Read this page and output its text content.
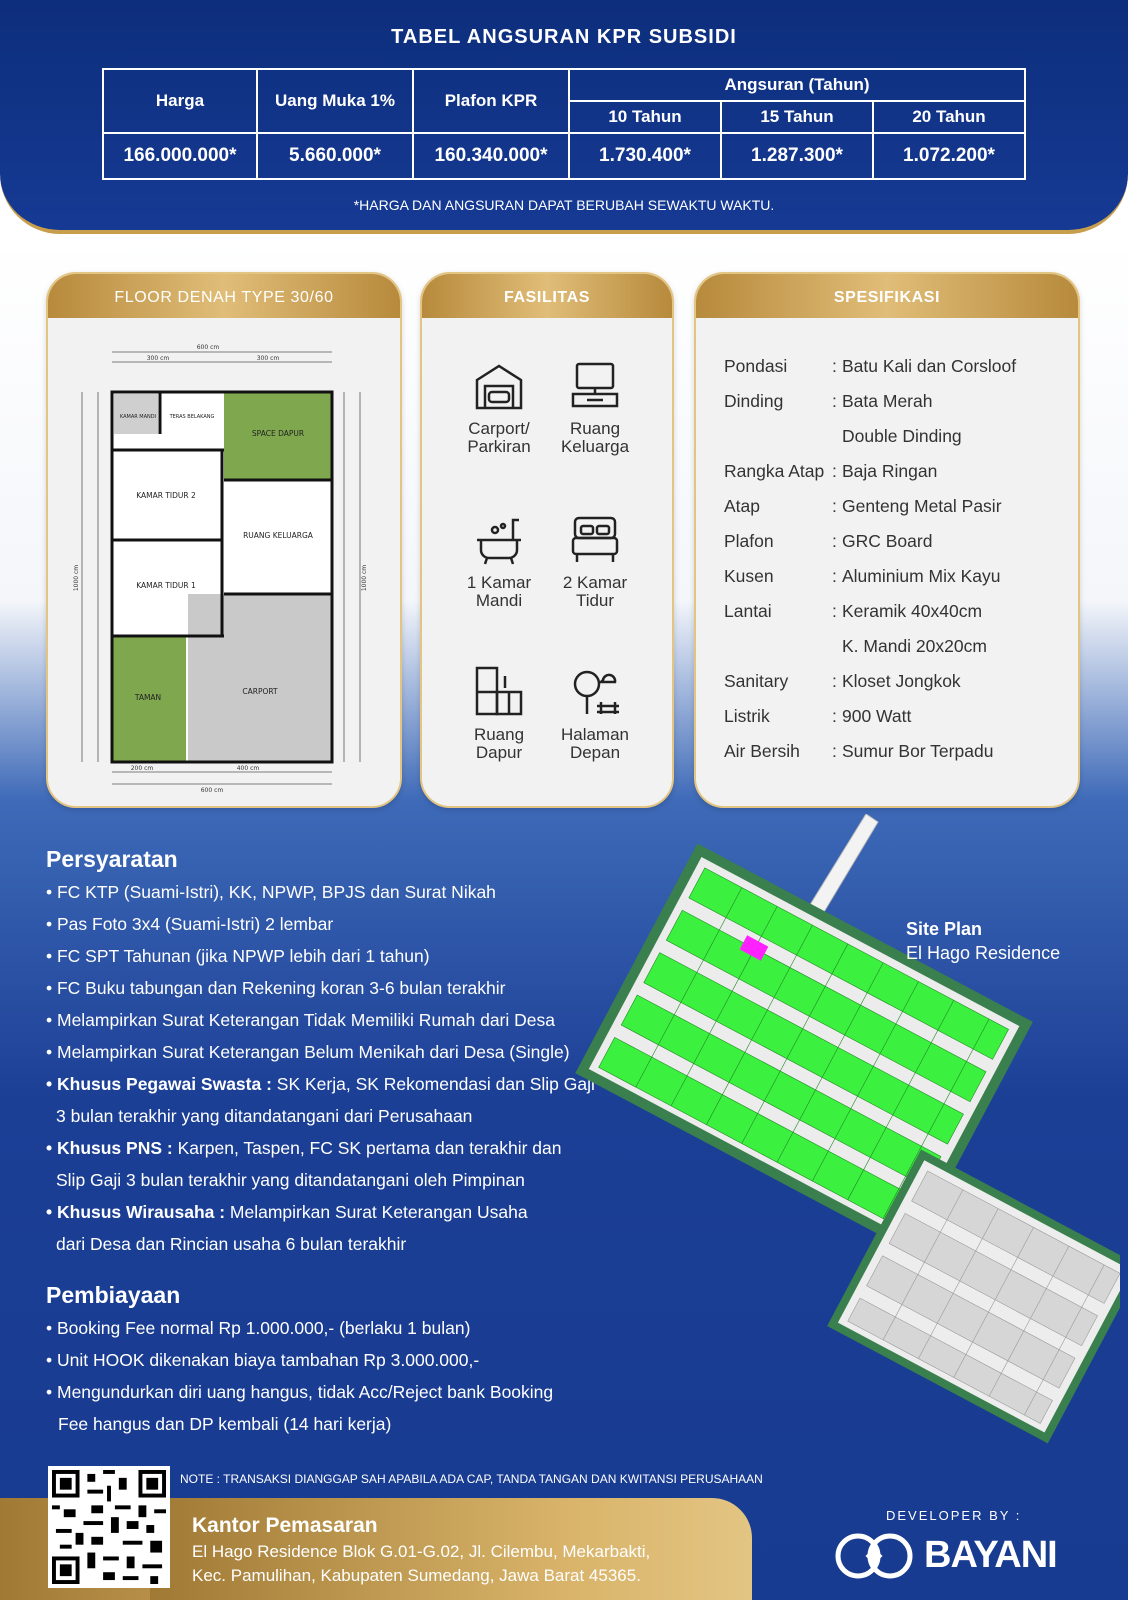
TABEL ANGSURAN KPR SUBSIDI
Harga	Uang Muka 1%	Plafon KPR	Angsuran (Tahun)		
			10 Tahun	15 Tahun	20 Tahun
166.000.000*	5.660.000*	160.340.000*	1.730.400*	1.287.300*	1.072.200*
*HARGA DAN ANGSURAN DAPAT BERUBAH SEWAKTU WAKTU.
FLOOR DENAH TYPE 30/60
600 cm
300 cm	300 cm
200 cm	400 cm
600 cm
1000 cm	1000 cm
KAMAR MANDI	TERAS BELAKANG
SPACE DAPUR
KAMAR TIDUR 2
RUANG KELUARGA
KAMAR TIDUR 1
TAMAN
CARPORT
FASILITAS
Carport/
Parkiran
Ruang
Keluarga
1 Kamar
Mandi
2 Kamar
Tidur
Ruang
Dapur
Halaman
Depan
SPESIFIKASI
Pondasi	: Batu Kali dan Corsloof
Dinding	: Bata Merah
Double Dinding
Rangka Atap : Baja Ringan
Atap	: Genteng Metal Pasir
Plafon	: GRC Board
Kusen	: Aluminium Mix Kayu
Lantai	: Keramik 40x40cm
K. Mandi 20x20cm
Sanitary	: Kloset Jongkok
Listrik	: 900 Watt
Air Bersih	: Sumur Bor Terpadu
Persyaratan
• FC KTP (Suami-Istri), KK, NPWP, BPJS dan Surat Nikah
• Pas Foto 3x4 (Suami-Istri) 2 lembar
• FC SPT Tahunan (jika NPWP lebih dari 1 tahun)
• FC Buku tabungan dan Rekening koran 3-6 bulan terakhir
• Melampirkan Surat Keterangan Tidak Memiliki Rumah dari Desa
• Melampirkan Surat Keterangan Belum Menikah dari Desa (Single)
• Khusus Pegawai Swasta : SK Kerja, SK Rekomendasi dan Slip Gaji
3 bulan terakhir yang ditandatangani dari Perusahaan
• Khusus PNS : Karpen, Taspen, FC SK pertama dan terakhir dan
Slip Gaji 3 bulan terakhir yang ditandatangani oleh Pimpinan
• Khusus Wirausaha : Melampirkan Surat Keterangan Usaha
dari Desa dan Rincian usaha 6 bulan terakhir
Pembiayaan
• Booking Fee normal Rp 1.000.000,- (berlaku 1 bulan)
• Unit HOOK dikenakan biaya tambahan Rp 3.000.000,-
• Mengundurkan diri uang hangus, tidak Acc/Reject bank Booking
Fee hangus dan DP kembali (14 hari kerja)
Site Plan
El Hago Residence
NOTE : TRANSAKSI DIANGGAP SAH APABILA ADA CAP, TANDA TANGAN DAN KWITANSI PERUSAHAAN
Kantor Pemasaran
El Hago Residence Blok G.01-G.02, Jl. Cilembu, Mekarbakti,
Kec. Pamulihan, Kabupaten Sumedang, Jawa Barat 45365.
DEVELOPER BY :
BAYANI
